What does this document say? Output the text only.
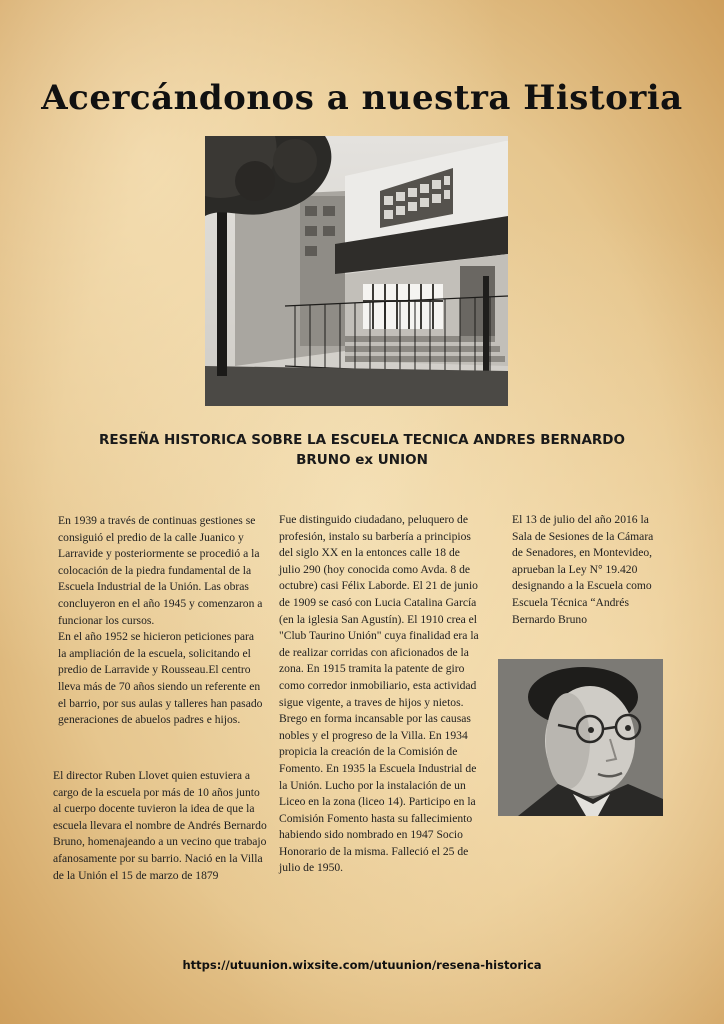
Acercándonos a nuestra Historia
RESEÑA HISTORICA SOBRE LA ESCUELA TECNICA ANDRES BERNARDO BRUNO ex UNION

En 1939 a través de continuas gestiones se consiguió el predio de la calle Juanico y Larravide y posteriormente se procedió a la colocación de la piedra fundamental de la Escuela Industrial de la Unión. Las obras concluyeron en el año 1945 y comenzaron a funcionar los cursos.

En el año 1952 se hicieron peticiones para la ampliación de la escuela, solicitando el predio de Larravide y Rousseau.El centro lleva más de 70 años siendo un referente en el barrio, por sus aulas y talleres han pasado generaciones de abuelos padres e hijos.

El director Ruben Llovet quien estuviera a cargo de la escuela por más de 10 años junto al cuerpo docente tuvieron la idea de que la escuela llevara el nombre de Andrés Bernardo Bruno, homenajeando a un vecino que trabajo afanosamente por su barrio. Nació en la Villa de la Unión el 15 de marzo de 1879

Fue distinguido ciudadano, peluquero de profesión, instalo su barbería a principios del siglo XX en la entonces calle 18 de julio 290 (hoy conocida como Avda. 8 de octubre) casi Félix Laborde. El 21 de junio de 1909 se casó con Lucia Catalina García (en la iglesia San Agustín). El 1910 crea el "Club Taurino Unión" cuya finalidad era la de realizar corridas con aficionados de la zona. En 1915 tramita la patente de giro como corredor inmobiliario, esta actividad sigue vigente, a traves de hijos y nietos. Brego en forma incansable por las causas nobles y el progreso de la Villa. En 1934 propicia la creación de la Comisión de Fomento. En 1935 la Escuela Industrial de la Unión. Lucho por la instalación de un Liceo en la zona (liceo 14). Participo en la Comisión Fomento hasta su fallecimiento habiendo sido nombrado en 1947 Socio Honorario de la misma. Falleció el 25 de julio de 1950.

El 13 de julio del año 2016 la Sala de Sesiones de la Cámara de Senadores, en Montevideo, aprueban la Ley N° 19.420 designando a la Escuela como Escuela Técnica “Andrés Bernardo Bruno

https://utuunion.wixsite.com/utuunion/resena-historica
